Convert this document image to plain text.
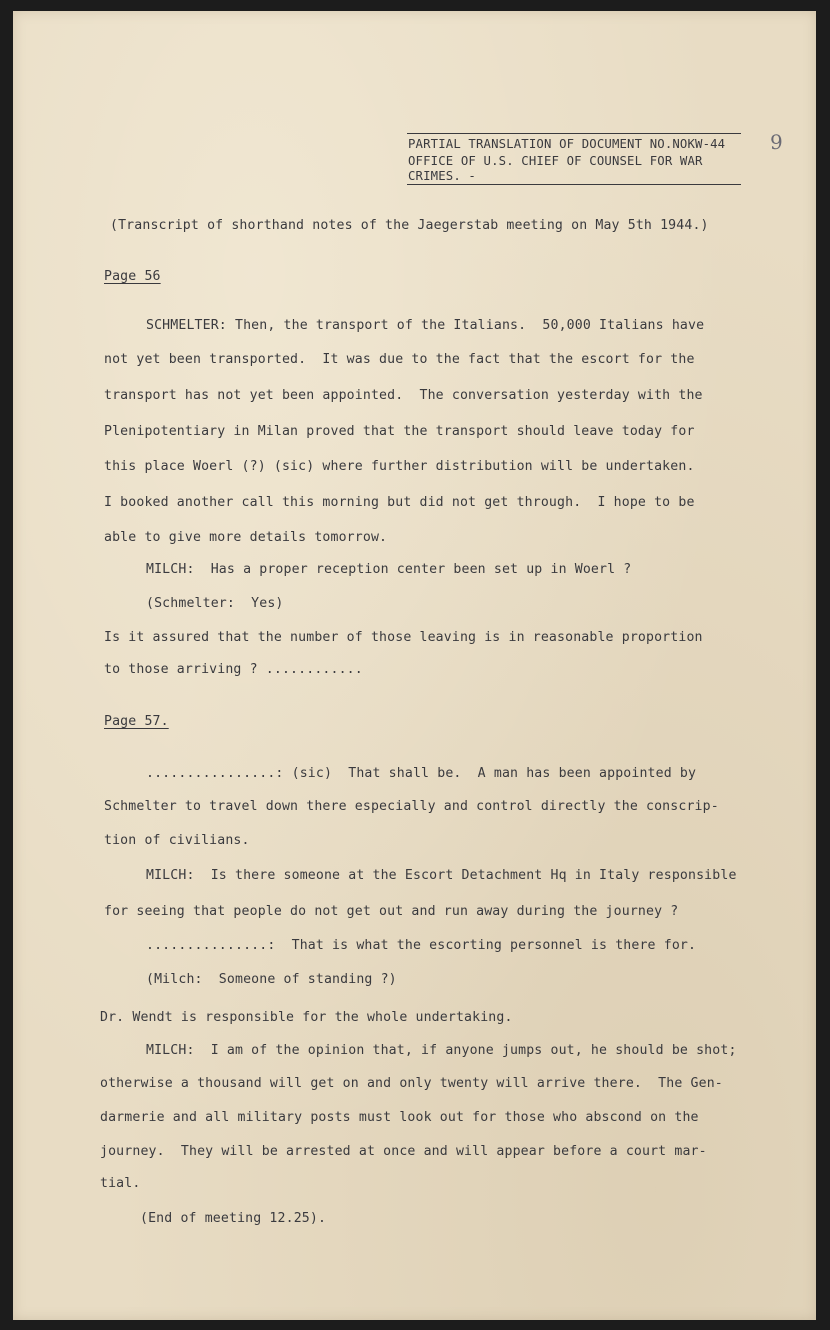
PARTIAL TRANSLATION OF DOCUMENT NO.NOKW-44
OFFICE OF U.S. CHIEF OF COUNSEL FOR WAR
CRIMES. -
9
(Transcript of shorthand notes of the Jaegerstab meeting on May 5th 1944.)
Page 56
SCHMELTER: Then, the transport of the Italians.  50,000 Italians have
not yet been transported.  It was due to the fact that the escort for the
transport has not yet been appointed.  The conversation yesterday with the
Plenipotentiary in Milan proved that the transport should leave today for
this place Woerl (?) (sic) where further distribution will be undertaken.
I booked another call this morning but did not get through.  I hope to be
able to give more details tomorrow.
MILCH:  Has a proper reception center been set up in Woerl ?
(Schmelter:  Yes)
Is it assured that the number of those leaving is in reasonable proportion
to those arriving ? ............
Page 57.
................: (sic)  That shall be.  A man has been appointed by
Schmelter to travel down there especially and control directly the conscrip-
tion of civilians.
MILCH:  Is there someone at the Escort Detachment Hq in Italy responsible
for seeing that people do not get out and run away during the journey ?
...............:  That is what the escorting personnel is there for.
(Milch:  Someone of standing ?)
Dr. Wendt is responsible for the whole undertaking.
MILCH:  I am of the opinion that, if anyone jumps out, he should be shot;
otherwise a thousand will get on and only twenty will arrive there.  The Gen-
darmerie and all military posts must look out for those who abscond on the
journey.  They will be arrested at once and will appear before a court mar-
tial.
(End of meeting 12.25).
